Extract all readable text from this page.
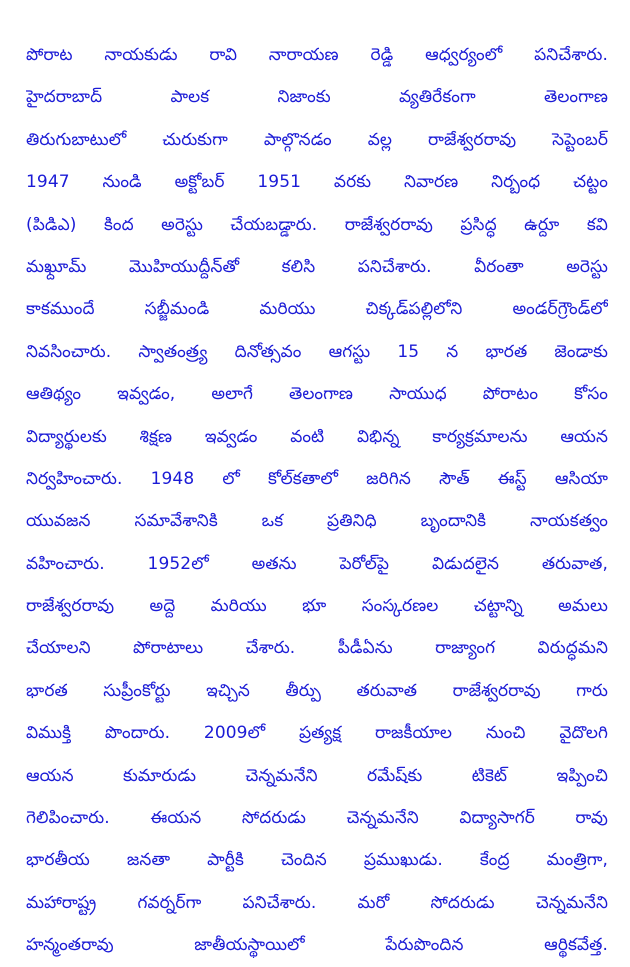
పోరాట నాయకుడు రావి నారాయణ రెడ్డి ఆధ్వర్యంలో పనిచేశారు.
హైదరాబాద్ పాలక నిజాంకు వ్యతిరేకంగా తెలంగాణ
తిరుగుబాటులో చురుకుగా పాల్గొనడం వల్ల రాజేశ్వరరావు సెప్టెంబర్
1947 నుండి అక్టోబర్ 1951 వరకు నివారణ నిర్బంధ చట్టం
(పిడిఎ) కింద అరెస్టు చేయబడ్డారు. రాజేశ్వరరావు ప్రసిద్ధ ఉర్దూ కవి
మఖ్దూమ్ మొహియుద్దీన్‌తో కలిసి పనిచేశారు. వీరంతా అరెస్టు
కాకముందే సబ్జీమండి మరియు చిక్కడ్‌పల్లిలోని అండర్‌గ్రౌండ్‌లో
నివసించారు. స్వాతంత్ర్య దినోత్సవం ఆగస్టు 15 న భారత జెండాకు
ఆతిథ్యం ఇవ్వడం, అలాగే తెలంగాణ సాయుధ పోరాటం కోసం
విద్యార్థులకు శిక్షణ ఇవ్వడం వంటి విభిన్న కార్యక్రమాలను ఆయన
నిర్వహించారు. 1948 లో కోల్‌కతాలో జరిగిన సౌత్ ఈస్ట్ ఆసియా
యువజన సమావేశానికి ఒక ప్రతినిధి బృందానికి నాయకత్వం
వహించారు. 1952లో అతను పెరోల్‌పై విడుదలైన తరువాత,
రాజేశ్వరరావు అద్దె మరియు భూ సంస్కరణల చట్టాన్ని అమలు
చేయాలని పోరాటాలు చేశారు. పీడీఏను రాజ్యాంగ విరుద్ధమని
భారత సుప్రీంకోర్టు ఇచ్చిన తీర్పు తరువాత రాజేశ్వరరావు గారు
విముక్తి పొందారు. 2009లో ప్రత్యక్ష రాజకీయాల నుంచి వైదొలగి
ఆయన కుమారుడు చెన్నమనేని రమేష్‌కు టికెట్ ఇప్పించి
గెలిపించారు. ఈయన సోదరుడు చెన్నమనేని విద్యాసాగర్ రావు
భారతీయ జనతా పార్టీకి చెందిన ప్రముఖుడు. కేంద్ర మంత్రిగా,
మహారాష్ట్ర గవర్నర్‌గా పనిచేశారు. మరో సోదరుడు చెన్నమనేని
హన్మంతరావు జాతీయస్థాయిలో పేరుపొందిన ఆర్థికవేత్త.
